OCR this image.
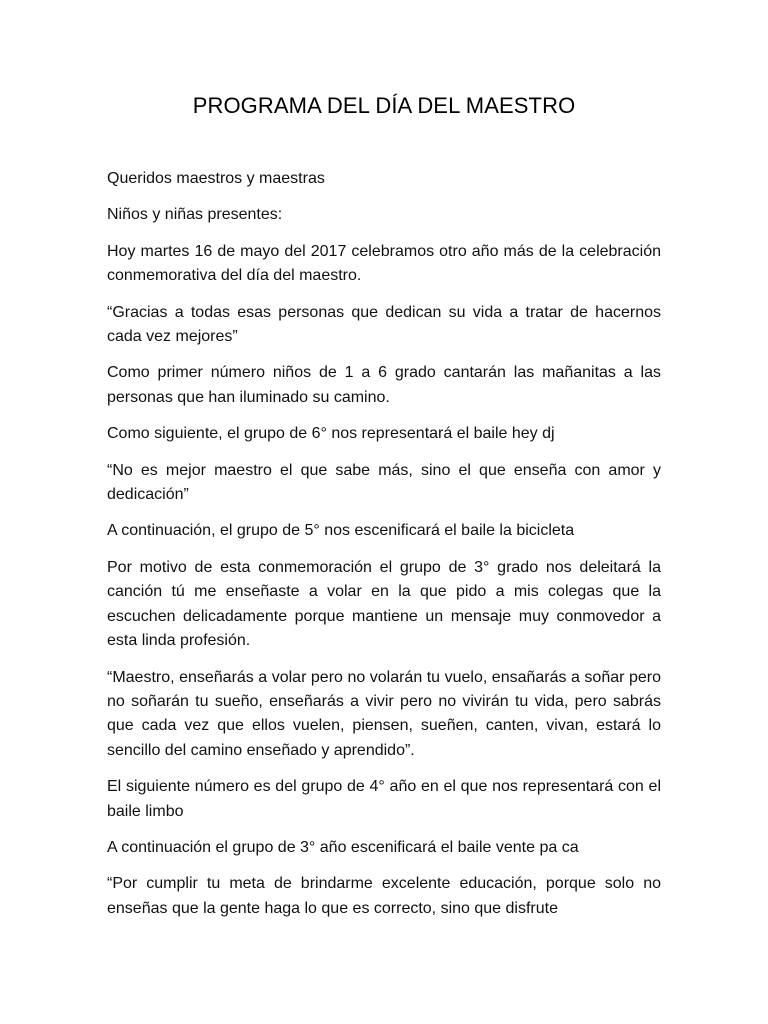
PROGRAMA DEL DÍA DEL MAESTRO

Queridos maestros y maestras

Niños y niñas presentes:

Hoy martes 16 de mayo del 2017 celebramos otro año más de la celebración conmemorativa del día del maestro.

“Gracias a todas esas personas que dedican su vida a tratar de hacernos cada vez mejores”

Como primer número niños de 1 a 6 grado cantarán las mañanitas a las personas que han iluminado su camino.

Como siguiente, el grupo de 6° nos representará el baile hey dj

“No es mejor maestro el que sabe más, sino el que enseña con amor y dedicación”

A continuación, el grupo de 5° nos escenificará el baile la bicicleta

Por motivo de esta conmemoración el grupo de 3° grado nos deleitará la canción tú me enseñaste a volar en la que pido a mis colegas que la escuchen delicadamente porque mantiene un mensaje muy conmovedor a esta linda profesión.

“Maestro, enseñarás a volar pero no volarán tu vuelo, ensañarás a soñar pero no soñarán tu sueño, enseñarás a vivir pero no vivirán tu vida, pero sabrás que cada vez que ellos vuelen, piensen, sueñen, canten, vivan, estará lo sencillo del camino enseñado y aprendido”.

El siguiente número es del grupo de 4° año en el que nos representará con el baile limbo

A continuación el grupo de 3° año escenificará el baile vente pa ca

“Por cumplir tu meta de brindarme excelente educación, porque solo no enseñas que la gente haga lo que es correcto, sino que disfrute
